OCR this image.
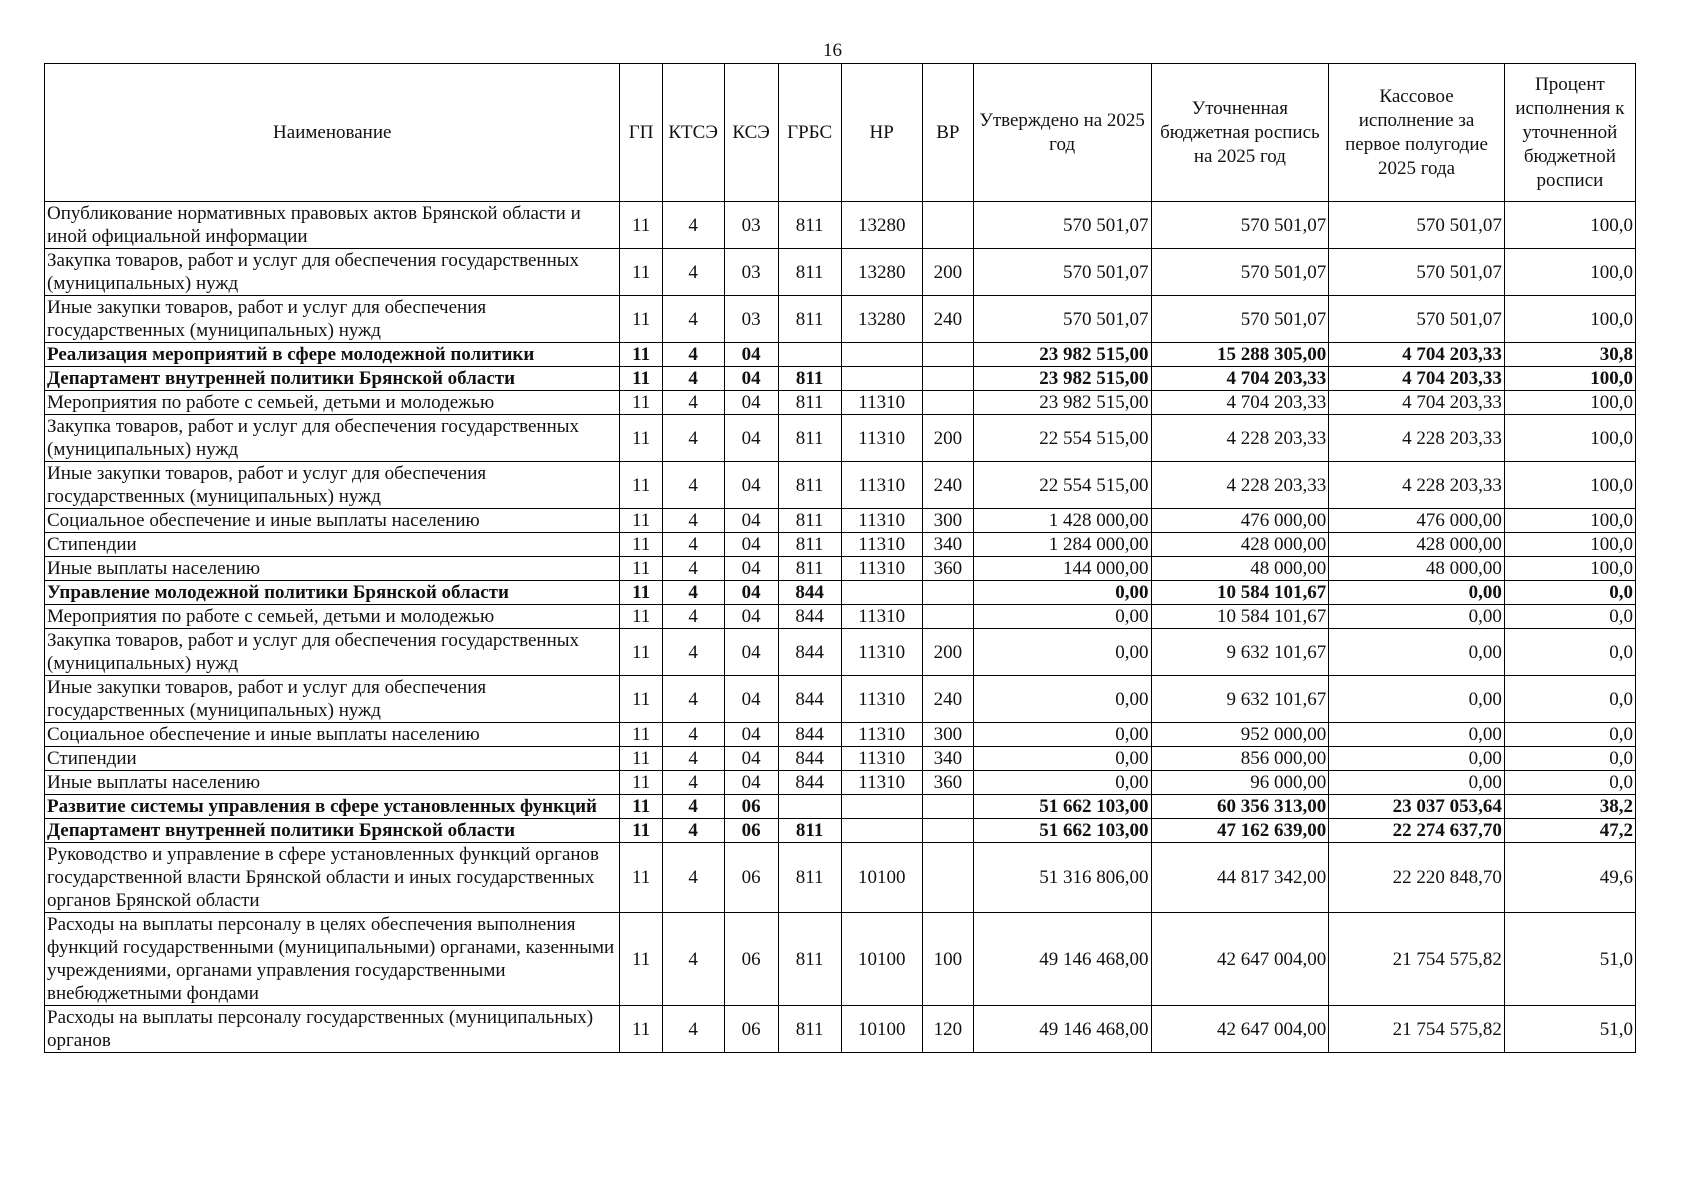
16
Наименование	ГП	КТСЭ	КСЭ	ГРБС	НР	ВР	Утверждено на 2025 год	Уточненная бюджетная роспись на 2025 год	Кассовое исполнение за первое полугодие 2025 года	Процент исполнения к уточненной бюджетной росписи
Опубликование нормативных правовых актов Брянской области и иной официальной информации	11	4	03	811	13280		570 501,07	570 501,07	570 501,07	100,0
Закупка товаров, работ и услуг для обеспечения государственных (муниципальных) нужд	11	4	03	811	13280	200	570 501,07	570 501,07	570 501,07	100,0
Иные закупки товаров, работ и услуг для обеспечения государственных (муниципальных) нужд	11	4	03	811	13280	240	570 501,07	570 501,07	570 501,07	100,0
Реализация мероприятий в сфере молодежной политики	11	4	04				23 982 515,00	15 288 305,00	4 704 203,33	30,8
Департамент внутренней политики Брянской области	11	4	04	811			23 982 515,00	4 704 203,33	4 704 203,33	100,0
Мероприятия по работе с семьей, детьми и молодежью	11	4	04	811	11310		23 982 515,00	4 704 203,33	4 704 203,33	100,0
Закупка товаров, работ и услуг для обеспечения государственных (муниципальных) нужд	11	4	04	811	11310	200	22 554 515,00	4 228 203,33	4 228 203,33	100,0
Иные закупки товаров, работ и услуг для обеспечения государственных (муниципальных) нужд	11	4	04	811	11310	240	22 554 515,00	4 228 203,33	4 228 203,33	100,0
Социальное обеспечение и иные выплаты населению	11	4	04	811	11310	300	1 428 000,00	476 000,00	476 000,00	100,0
Стипендии	11	4	04	811	11310	340	1 284 000,00	428 000,00	428 000,00	100,0
Иные выплаты населению	11	4	04	811	11310	360	144 000,00	48 000,00	48 000,00	100,0
Управление молодежной политики Брянской области	11	4	04	844			0,00	10 584 101,67	0,00	0,0
Мероприятия по работе с семьей, детьми и молодежью	11	4	04	844	11310		0,00	10 584 101,67	0,00	0,0
Закупка товаров, работ и услуг для обеспечения государственных (муниципальных) нужд	11	4	04	844	11310	200	0,00	9 632 101,67	0,00	0,0
Иные закупки товаров, работ и услуг для обеспечения государственных (муниципальных) нужд	11	4	04	844	11310	240	0,00	9 632 101,67	0,00	0,0
Социальное обеспечение и иные выплаты населению	11	4	04	844	11310	300	0,00	952 000,00	0,00	0,0
Стипендии	11	4	04	844	11310	340	0,00	856 000,00	0,00	0,0
Иные выплаты населению	11	4	04	844	11310	360	0,00	96 000,00	0,00	0,0
Развитие системы управления в сфере установленных функций	11	4	06				51 662 103,00	60 356 313,00	23 037 053,64	38,2
Департамент внутренней политики Брянской области	11	4	06	811			51 662 103,00	47 162 639,00	22 274 637,70	47,2
Руководство и управление в сфере установленных функций органов государственной власти Брянской области и иных государственных органов Брянской области	11	4	06	811	10100		51 316 806,00	44 817 342,00	22 220 848,70	49,6
Расходы на выплаты персоналу в целях обеспечения выполнения функций государственными (муниципальными) органами, казенными учреждениями, органами управления государственными внебюджетными фондами	11	4	06	811	10100	100	49 146 468,00	42 647 004,00	21 754 575,82	51,0
Расходы на выплаты персоналу государственных (муниципальных) органов	11	4	06	811	10100	120	49 146 468,00	42 647 004,00	21 754 575,82	51,0
